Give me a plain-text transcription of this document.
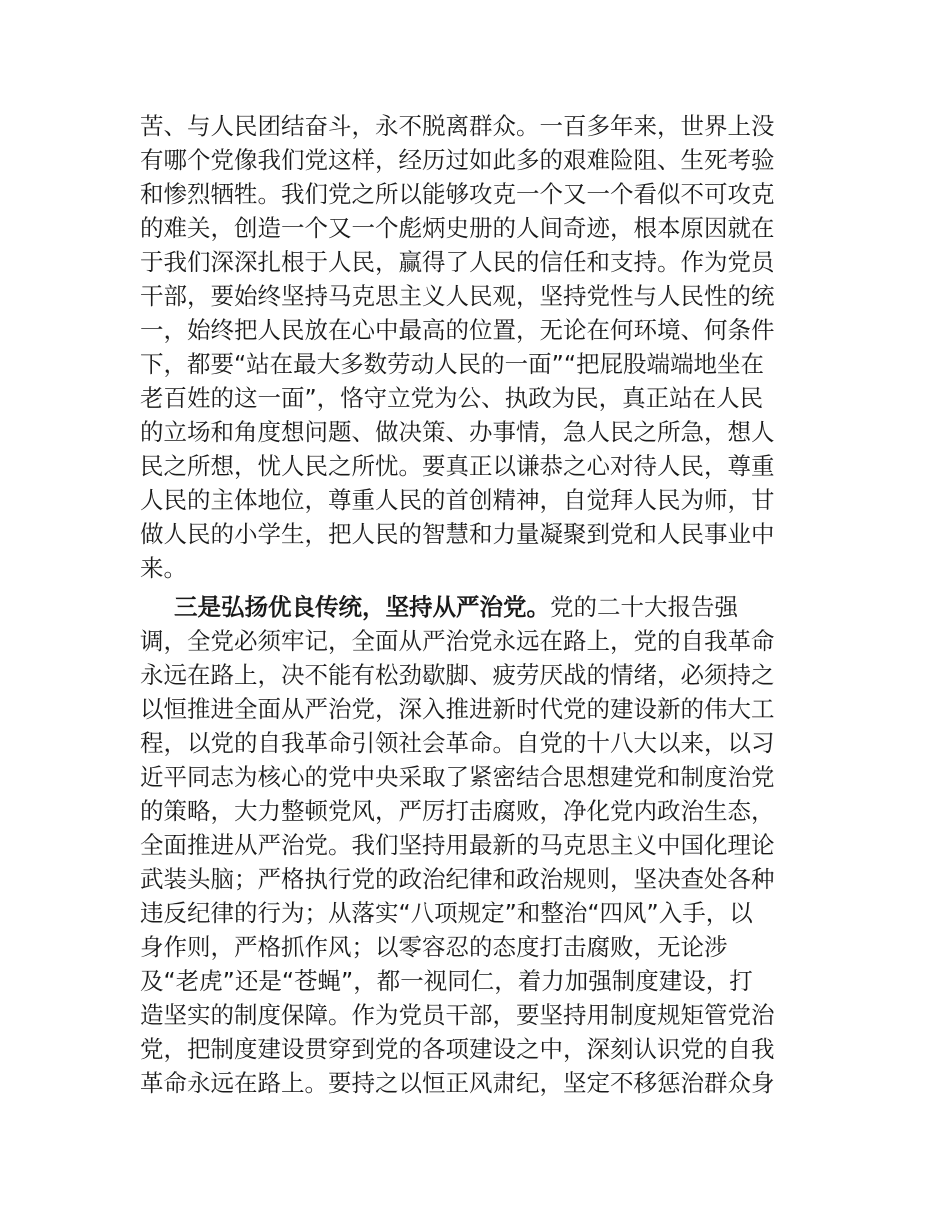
苦、与人民团结奋斗，永不脱离群众。一百多年来，世界上没
有哪个党像我们党这样，经历过如此多的艰难险阻、生死考验
和惨烈牺牲。我们党之所以能够攻克一个又一个看似不可攻克
的难关，创造一个又一个彪炳史册的人间奇迹，根本原因就在
于我们深深扎根于人民，赢得了人民的信任和支持。作为党员
干部，要始终坚持马克思主义人民观，坚持党性与人民性的统
一，始终把人民放在心中最高的位置，无论在何环境、何条件
下，都要“站在最大多数劳动人民的一面”“把屁股端端地坐在
老百姓的这一面”，恪守立党为公、执政为民，真正站在人民
的立场和角度想问题、做决策、办事情，急人民之所急，想人
民之所想，忧人民之所忧。要真正以谦恭之心对待人民，尊重
人民的主体地位，尊重人民的首创精神，自觉拜人民为师，甘
做人民的小学生，把人民的智慧和力量凝聚到党和人民事业中
来。
三是弘扬优良传统，坚持从严治党。党的二十大报告强
调，全党必须牢记，全面从严治党永远在路上，党的自我革命
永远在路上，决不能有松劲歇脚、疲劳厌战的情绪，必须持之
以恒推进全面从严治党，深入推进新时代党的建设新的伟大工
程，以党的自我革命引领社会革命。自党的十八大以来，以习
近平同志为核心的党中央采取了紧密结合思想建党和制度治党
的策略，大力整顿党风，严厉打击腐败，净化党内政治生态，
全面推进从严治党。我们坚持用最新的马克思主义中国化理论
武装头脑；严格执行党的政治纪律和政治规则，坚决查处各种
违反纪律的行为；从落实“八项规定”和整治“四风”入手，以
身作则，严格抓作风；以零容忍的态度打击腐败，无论涉
及“老虎”还是“苍蝇”，都一视同仁，着力加强制度建设，打
造坚实的制度保障。作为党员干部，要坚持用制度规矩管党治
党，把制度建设贯穿到党的各项建设之中，深刻认识党的自我
革命永远在路上。要持之以恒正风肃纪，坚定不移惩治群众身
